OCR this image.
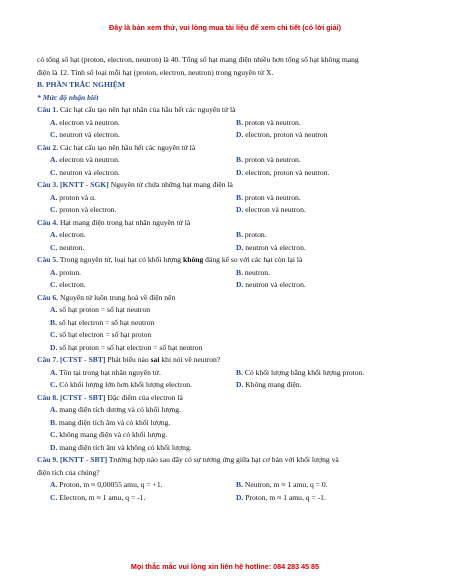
Đây là bản xem thử, vui lòng mua tài liệu để xem chi tiết (có lời giải)
có tổng số hạt (proton, electron, neutron) là 40. Tổng số hạt mang điện nhiều hơn tổng số hạt không mang
điện là 12. Tính số loại mỗi hạt (proton, electron, neutron) trong nguyên tử X.
B. PHẦN TRẮC NGHIỆM
* Mức độ nhận biết
Câu 1. Các hạt cấu tạo nên hạt nhân của hầu hết các nguyên tử là
A. electron và neutron.	B. proton và neutron.
C. neutron và electron.	D. electron, proton và neutron
Câu 2. Các hạt cấu tạo nên hầu hết các nguyên tử là
A. electron và neutron.	B. proton và neutron.
C. neutron và electron.	D. electron, proton và neutron.
Câu 3. [KNTT - SGK] Nguyên tử chứa những hạt mang điện là
A. proton và α.	B. proton và neutron.
C. proton và electron.	D. electron và neutron.
Câu 4. Hạt mang điện trong hạt nhân nguyên tử là
A. electron.	B. proton.
C. neutron.	D. neutron và electron.
Câu 5. Trong nguyên tử, loại hạt có khối lượng không đáng kể so với các hạt còn lại là
A. proton.	B. neutron.
C. electron.	D. neutron và electron.
Câu 6. Nguyên tử luôn trung hoà về điện nên
A. số hạt proton = số hạt neutron
B. số hạt electron = số hạt neutron
C. số hạt electron = số hạt proton
D. số hạt proton = số hạt electron = số hạt neutron
Câu 7. [CTST - SBT] Phát biểu nào sai khi nói về neutron?
A. Tồn tại trong hạt nhân nguyên tử.	B. Có khối lượng bằng khối lượng proton.
C. Có khối lượng lớn hơn khối lượng electron.	D. Không mang điện.
Câu 8. [CTST - SBT] Đặc điểm của electron là
A. mang điện tích dương và có khối lượng.
B. mang điện tích âm và có khối lượng.
C. không mang điện và có khối lượng.
D. mang điện tích âm và không có khối lượng.
Câu 9. [KNTT - SBT] Trường hợp nào sau đây có sự tương ứng giữa hạt cơ bản với khối lượng và
điện tích của chúng?
A. Proton, m ≈ 0,00055 amu, q = +1.	B. Neutron, m ≈ 1 amu, q = 0.
C. Electron, m ≈ 1 amu, q = -1.	D. Proton, m ≈ 1 amu, q = -1.
Mọi thắc mắc vui lòng xin liên hệ hotline: 084 283 45 85
